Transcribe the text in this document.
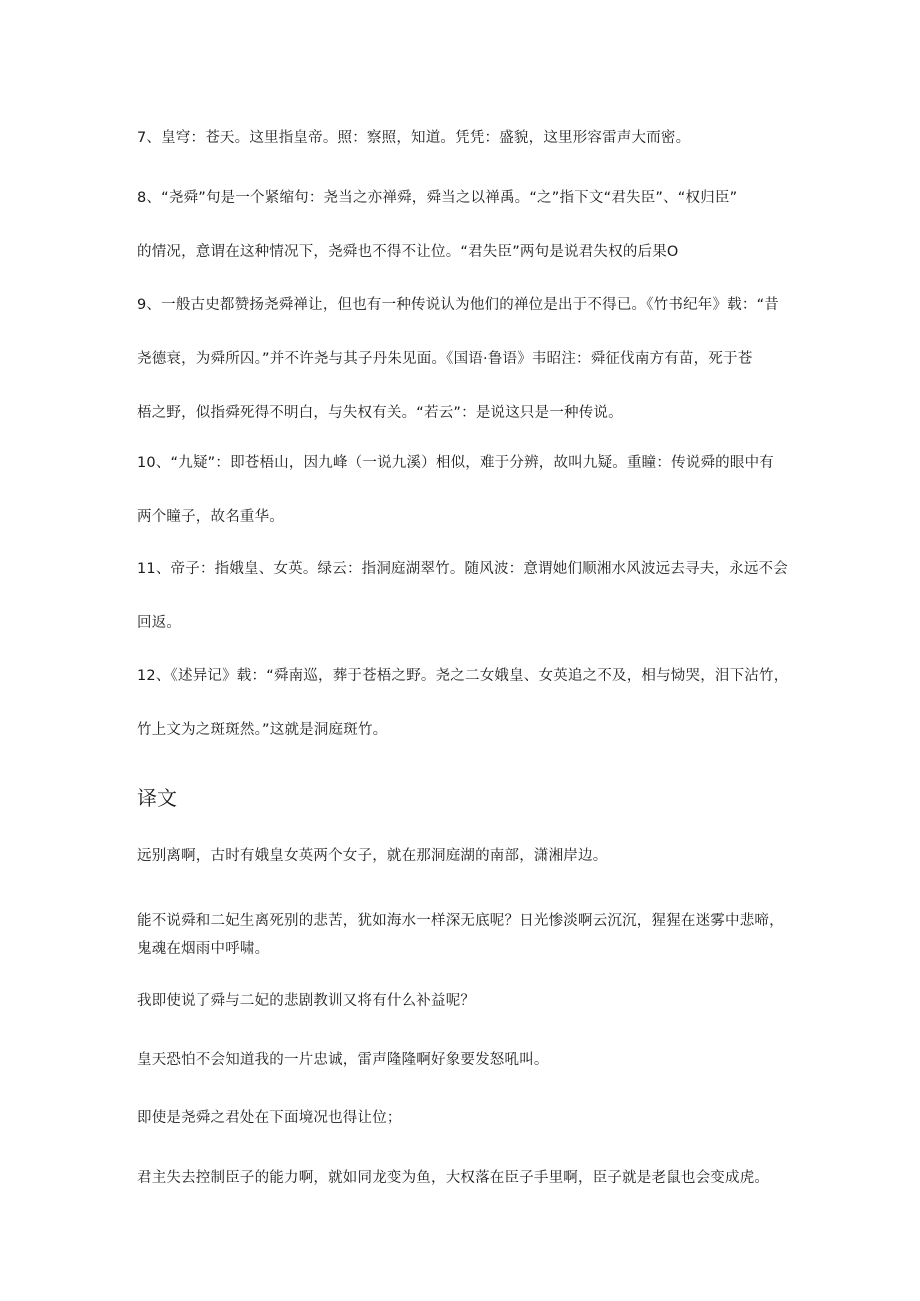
7、皇穹：苍天。这里指皇帝。照：察照，知道。凭凭：盛貌，这里形容雷声大而密。

8、“尧舜”句是一个紧缩句：尧当之亦禅舜，舜当之以禅禹。“之”指下文“君失臣”、“权归臣”

的情况，意谓在这种情况下，尧舜也不得不让位。“君失臣”两句是说君失权的后果O

9、一般古史都赞扬尧舜禅让，但也有一种传说认为他们的禅位是出于不得已。《竹书纪年》载：“昔

尧德衰，为舜所囚。”并不许尧与其子丹朱见面。《国语·鲁语》韦昭注：舜征伐南方有苗，死于苍

梧之野，似指舜死得不明白，与失权有关。“若云”：是说这只是一种传说。

10、“九疑”：即苍梧山，因九峰（一说九溪）相似，难于分辨，故叫九疑。重瞳：传说舜的眼中有

两个瞳子，故名重华。

11、帝子：指娥皇、女英。绿云：指洞庭湖翠竹。随风波：意谓她们顺湘水风波远去寻夫，永远不会

回返。

12、《述异记》载：“舜南巡，葬于苍梧之野。尧之二女娥皇、女英追之不及，相与恸哭，泪下沾竹，

竹上文为之斑斑然。”这就是洞庭斑竹。

译文

远别离啊，古时有娥皇女英两个女子，就在那洞庭湖的南部，潇湘岸边。

能不说舜和二妃生离死别的悲苦，犹如海水一样深无底呢？日光惨淡啊云沉沉，猩猩在迷雾中悲啼，

鬼魂在烟雨中呼啸。

我即使说了舜与二妃的悲剧教训又将有什么补益呢？

皇天恐怕不会知道我的一片忠诚，雷声隆隆啊好象要发怒吼叫。

即使是尧舜之君处在下面境况也得让位；

君主失去控制臣子的能力啊，就如同龙变为鱼，大权落在臣子手里啊，臣子就是老鼠也会变成虎。
